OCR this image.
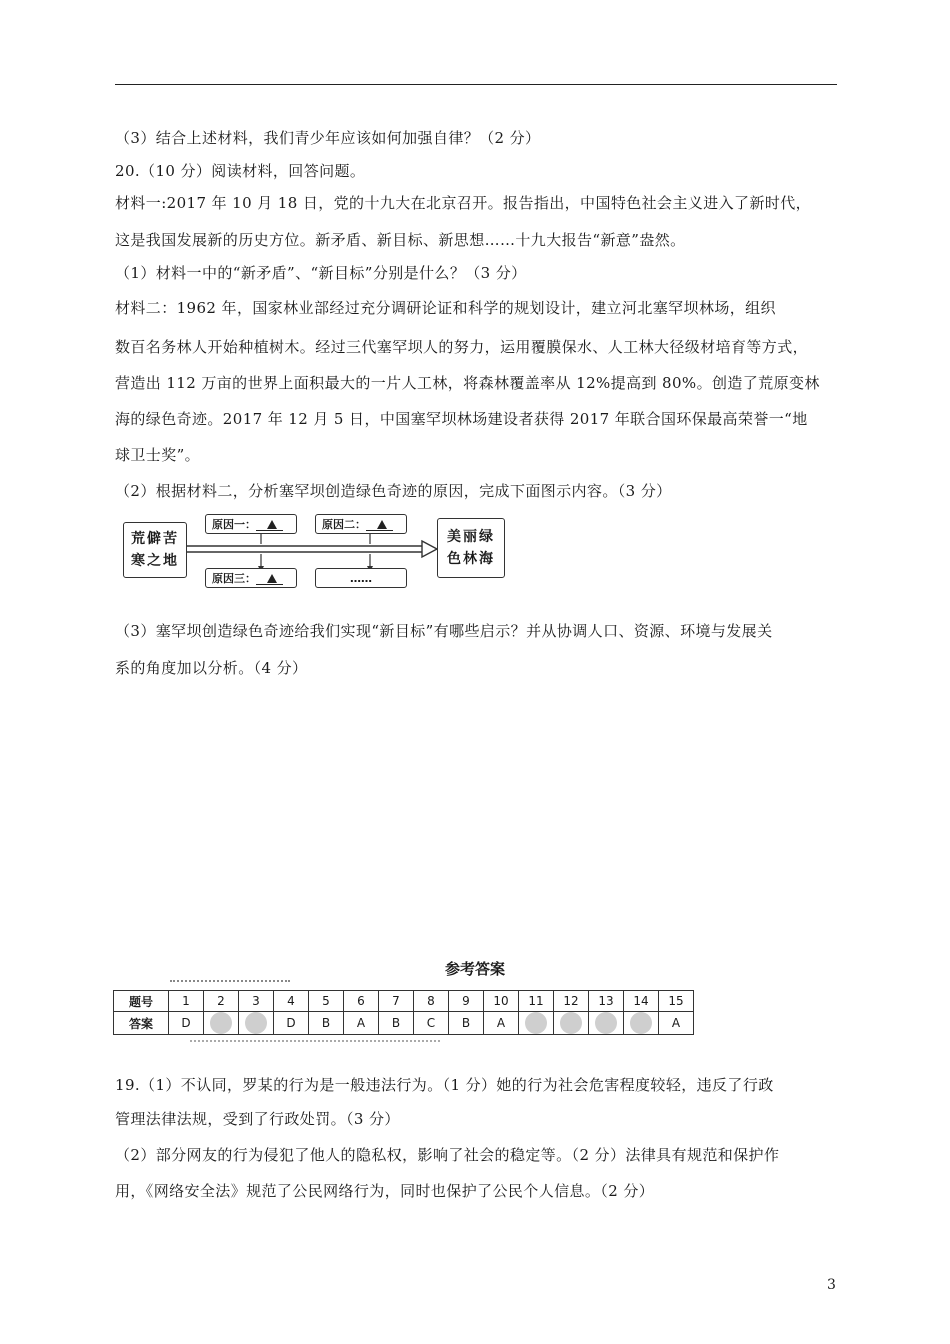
（3）结合上述材料，我们青少年应该如何加强自律？（2 分）
20.（10 分）阅读材料，回答问题。
材料一:2017 年 10 月 18 日，党的十九大在北京召开。报告指出，中国特色社会主义进入了新时代，
这是我国发展新的历史方位。新矛盾、新目标、新思想……十九大报告“新意”盎然。
（1）材料一中的“新矛盾”、“新目标”分别是什么？（3 分）
材料二：1962 年，国家林业部经过充分调研论证和科学的规划设计，建立河北塞罕坝林场，组织
数百名务林人开始种植树木。经过三代塞罕坝人的努力，运用覆膜保水、人工林大径级材培育等方式，
营造出 112 万亩的世界上面积最大的一片人工林，将森林覆盖率从 12%提高到 80%。创造了荒原变林
海的绿色奇迹。2017 年 12 月 5 日，中国塞罕坝林场建设者获得 2017 年联合国环保最高荣誉一“地
球卫士奖”。
（2）根据材料二，分析塞罕坝创造绿色奇迹的原因，完成下面图示内容。（3 分）
荒僻苦寒之地
原因一：	原因二：
原因三：	……
美丽绿色林海
（3）塞罕坝创造绿色奇迹给我们实现“新目标”有哪些启示？并从协调人口、资源、环境与发展关
系的角度加以分析。（4 分）
参考答案
题号	1	2	3	4	5	6	7	8	9	10	11	12	13	14	15
答案	D			D	B	A	B	C	B	A					A
19.（1）不认同，罗某的行为是一般违法行为。（1 分）她的行为社会危害程度较轻，违反了行政
管理法律法规，受到了行政处罚。（3 分）
（2）部分网友的行为侵犯了他人的隐私权，影响了社会的稳定等。（2 分）法律具有规范和保护作
用，《网络安全法》规范了公民网络行为，同时也保护了公民个人信息。（2 分）
3
